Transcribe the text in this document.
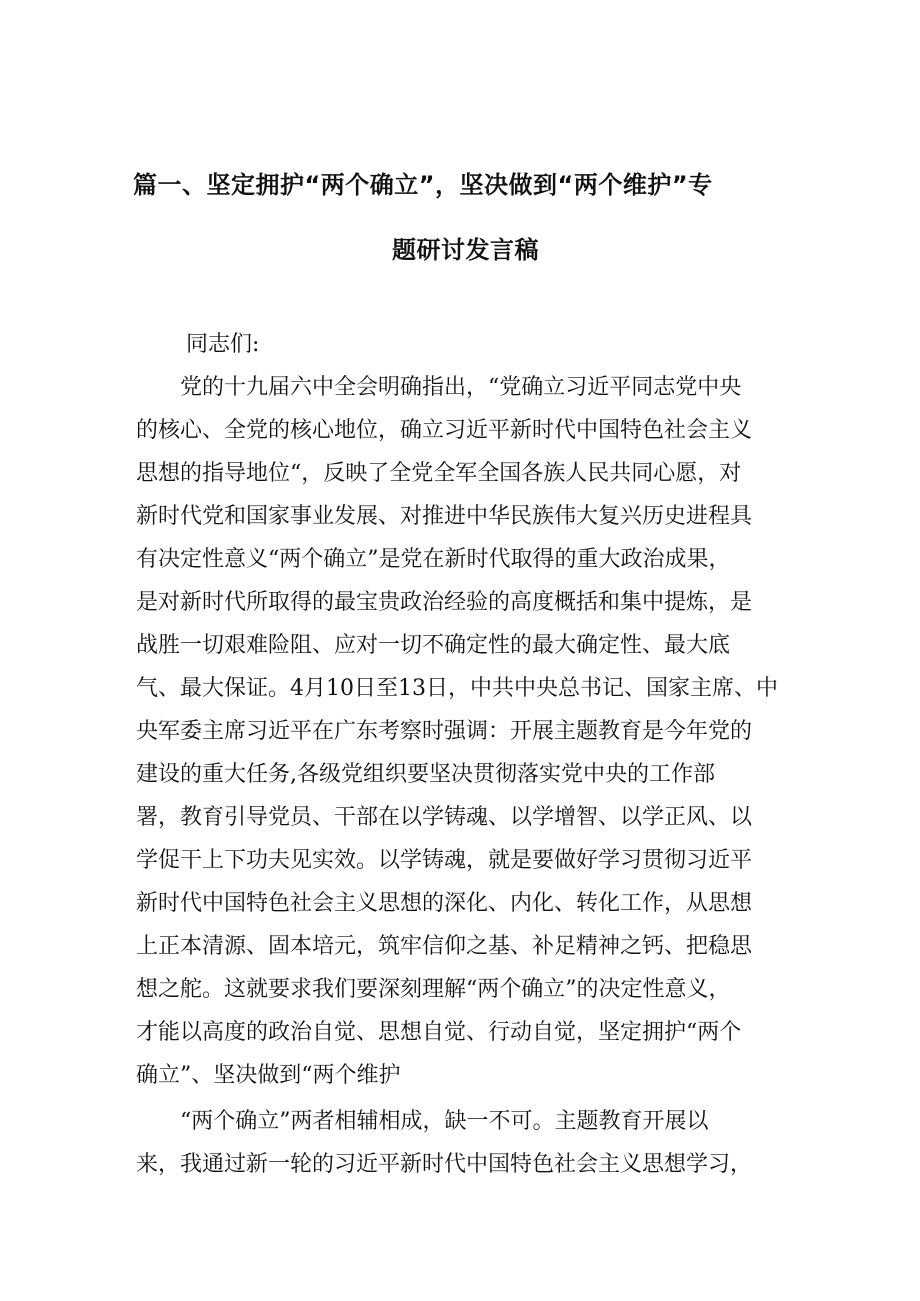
篇一、坚定拥护“两个确立”，坚决做到“两个维护”专
题研讨发言稿
同志们:
党的十九届六中全会明确指出，“党确立习近平同志党中央
的核心、全党的核心地位，确立习近平新时代中国特色社会主义
思想的指导地位“，反映了全党全军全国各族人民共同心愿，对
新时代党和国家事业发展、对推进中华民族伟大复兴历史进程具
有决定性意义“两个确立”是党在新时代取得的重大政治成果，
是对新时代所取得的最宝贵政治经验的高度概括和集中提炼，是
战胜一切艰难险阻、应对一切不确定性的最大确定性、最大底
气、最大保证。4月10日至13日，中共中央总书记、国家主席、中
央军委主席习近平在广东考察时强调：开展主题教育是今年党的
建设的重大任务,各级党组织要坚决贯彻落实党中央的工作部
署，教育引导党员、干部在以学铸魂、以学增智、以学正风、以
学促干上下功夫见实效。以学铸魂，就是要做好学习贯彻习近平
新时代中国特色社会主义思想的深化、内化、转化工作，从思想
上正本清源、固本培元，筑牢信仰之基、补足精神之钙、把稳思
想之舵。这就要求我们要深刻理解“两个确立”的决定性意义，
才能以高度的政治自觉、思想自觉、行动自觉，坚定拥护“两个
确立”、坚决做到“两个维护
“两个确立”两者相辅相成，缺一不可。主题教育开展以
来，我通过新一轮的习近平新时代中国特色社会主义思想学习，
